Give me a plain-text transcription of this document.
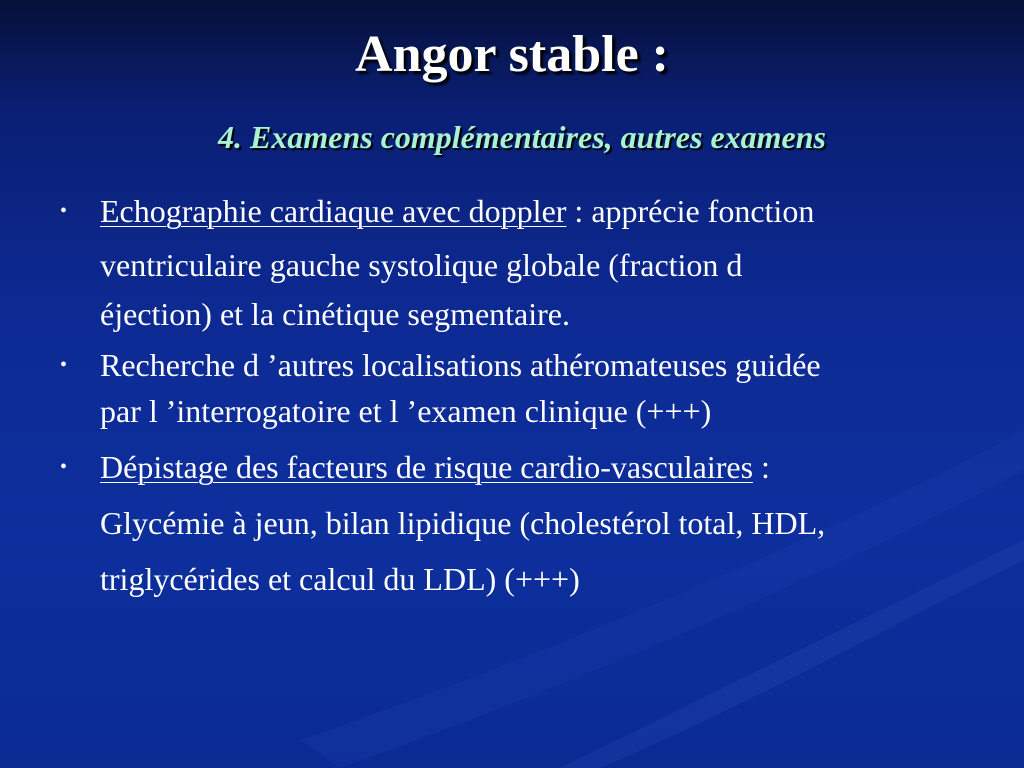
Angor stable :
4. Examens complémentaires, autres examens
• Echographie cardiaque avec doppler : apprécie fonction
ventriculaire gauche systolique globale (fraction d
éjection) et la cinétique segmentaire.
• Recherche d ’autres localisations athéromateuses guidée
par l ’interrogatoire et l ’examen clinique (+++)
• Dépistage des facteurs de risque cardio-vasculaires :
Glycémie à jeun, bilan lipidique (cholestérol total, HDL,
triglycérides et calcul du LDL) (+++)
